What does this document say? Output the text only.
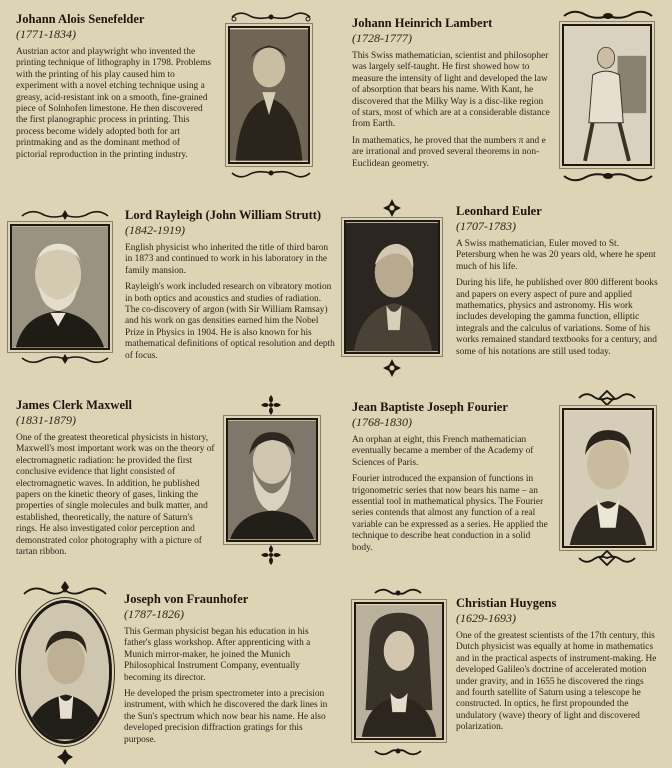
Johann Alois Senefelder
(1771-1834)

Austrian actor and playwright who invented the printing technique of lithography in 1798. Problems with the printing of his play caused him to experiment with a novel etching technique using a greasy, acid-resistant ink on a smooth, fine-grained piece of Solnhofen limestone. He then discovered the first planographic process in printing. This process become widely adopted both for art printmaking and as the dominant method of pictorial reproduction in the printing industry.

Johann Heinrich Lambert
(1728-1777)

This Swiss mathematician, scientist and philosopher was largely self-taught. He first showed how to measure the intensity of light and developed the law of absorption that bears his name. With Kant, he discovered that the Milky Way is a disc-like region of stars, most of which are at a considerable distance from Earth.

In mathematics, he proved that the numbers π and e are irrational and proved several theorems in non-Euclidean geometry.

Lord Rayleigh (John William Strutt)
(1842-1919)

English physicist who inherited the title of third baron in 1873 and continued to work in his laboratory in the family mansion.

Rayleigh's work included research on vibratory motion in both optics and acoustics and studies of radiation. The co-discovery of argon (with Sir William Ramsay) and his work on gas densities earned him the Nobel Prize in Physics in 1904. He is also known for his mathematical definitions of optical resolution and depth of focus.

Leonhard Euler
(1707-1783)

A Swiss mathematician, Euler moved to St. Petersburg when he was 20 years old, where he spent much of his life.

During his life, he published over 800 different books and papers on every aspect of pure and applied mathematics, physics and astronomy. His work includes developing the gamma function, elliptic integrals and the calculus of variations. Some of his works remained standard textbooks for a century, and some of his notations are still used today.

James Clerk Maxwell
(1831-1879)

One of the greatest theoretical physicists in history, Maxwell's most important work was on the theory of electromagnetic radiation: he provided the first conclusive evidence that light consisted of electromagnetic waves. In addition, he published papers on the kinetic theory of gases, linking the properties of single molecules and bulk matter, and established, theoretically, the nature of Saturn's rings. He also investigated color perception and demonstrated color photography with a picture of tartan ribbon.

Jean Baptiste Joseph Fourier
(1768-1830)

An orphan at eight, this French mathematician eventually became a member of the Academy of Sciences of Paris.

Fourier introduced the expansion of functions in trigonometric series that now bears his name – an essential tool in mathematical physics. The Fourier series contends that almost any function of a real variable can be expressed as a series. He applied the technique to describe heat conduction in a solid body.

Joseph von Fraunhofer
(1787-1826)

This German physicist began his education in his father's glass workshop. After apprenticing with a Munich mirror-maker, he joined the Munich Philosophical Instrument Company, eventually becoming its director.

He developed the prism spectrometer into a precision instrument, with which he discovered the dark lines in the Sun's spectrum which now bear his name. He also developed precision diffraction gratings for this purpose.

Christian Huygens
(1629-1693)

One of the greatest scientists of the 17th century, this Dutch physicist was equally at home in mathematics and in the practical aspects of instrument-making. He developed Galileo's doctrine of accelerated motion under gravity, and in 1655 he discovered the rings and fourth satellite of Saturn using a telescope he constructed. In optics, he first propounded the undulatory (wave) theory of light and discovered polarization.
